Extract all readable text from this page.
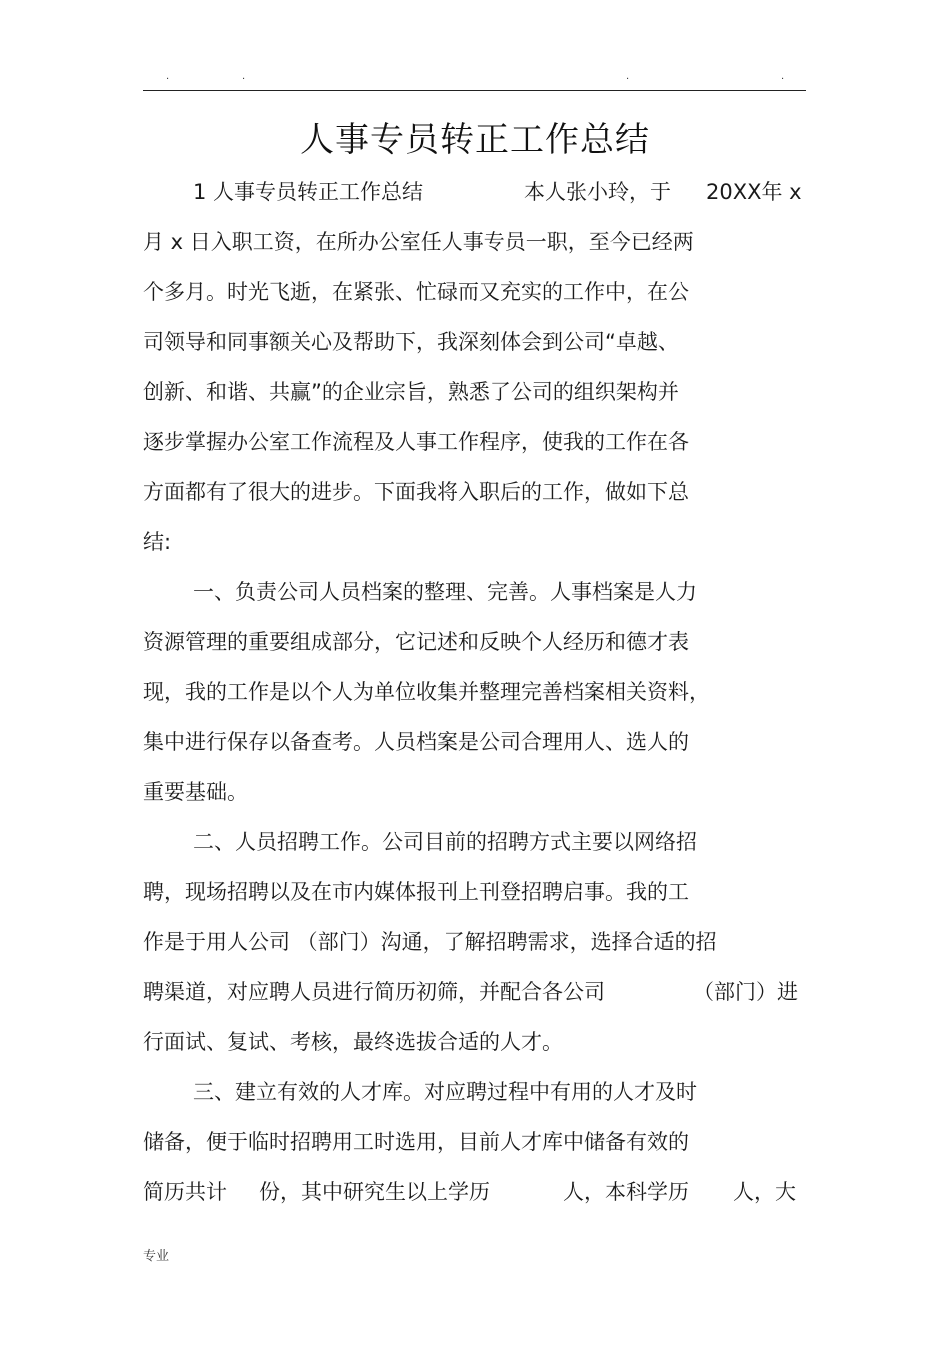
.	.	.	.
人事专员转正工作总结
1 人事专员转正工作总结	本人张小玲，于 20XX年 x
月 x 日入职工资，在所办公室任人事专员一职，至今已经两
个多月。时光飞逝，在紧张、忙碌而又充实的工作中，在公
司领导和同事额关心及帮助下，我深刻体会到公司“卓越、
创新、和谐、共赢”的企业宗旨，熟悉了公司的组织架构并
逐步掌握办公室工作流程及人事工作程序，使我的工作在各
方面都有了很大的进步。下面我将入职后的工作，做如下总
结:
一、负责公司人员档案的整理、完善。人事档案是人力
资源管理的重要组成部分，它记述和反映个人经历和德才表
现，我的工作是以个人为单位收集并整理完善档案相关资料，
集中进行保存以备查考。人员档案是公司合理用人、选人的
重要基础。
二、人员招聘工作。公司目前的招聘方式主要以网络招
聘，现场招聘以及在市内媒体报刊上刊登招聘启事。我的工
作是于用人公司 （部门）沟通，了解招聘需求，选择合适的招
聘渠道，对应聘人员进行简历初筛，并配合各公司	（部门）进
行面试、复试、考核，最终选拔合适的人才。
三、建立有效的人才库。对应聘过程中有用的人才及时
储备，便于临时招聘用工时选用，目前人才库中储备有效的
简历共计 份，其中研究生以上学历	人，本科学历 人，大
专业
